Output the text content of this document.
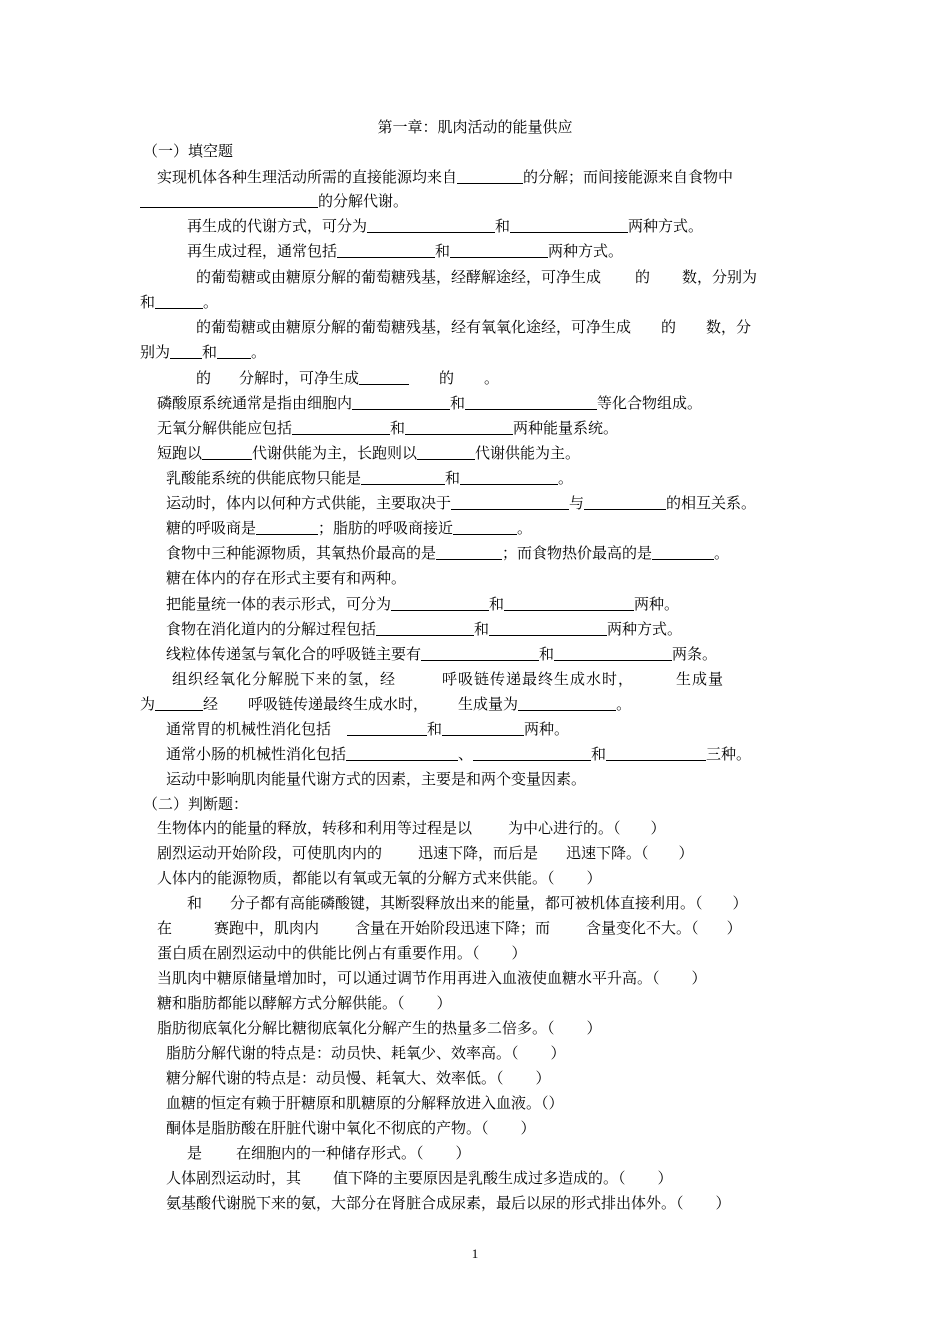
第一章：肌肉活动的能量供应
（一）填空题
实现机体各种生理活动所需的直接能源均来自	的分解；而间接能源来自食物中
的分解代谢。
再生成的代谢方式，可分为	和	两种方式。
再生成过程，通常包括	和	两种方式。
的葡萄糖或由糖原分解的葡萄糖残基，经酵解途经，可净生成 的 数，分别为
和	。
的葡萄糖或由糖原分解的葡萄糖残基，经有氧氧化途经，可净生成 的 数，分
别为 和 。
的 分解时，可净生成	的 。
磷酸原系统通常是指由细胞内	和	等化合物组成。
无氧分解供能应包括	和	两种能量系统。
短跑以	代谢供能为主，长跑则以	代谢供能为主。
乳酸能系统的供能底物只能是	和	。
运动时，体内以何种方式供能，主要取决于	与	的相互关系。
糖的呼吸商是	；脂肪的呼吸商接近	。
食物中三种能源物质，其氧热价最高的是	；而食物热价最高的是	。
糖在体内的存在形式主要有和两种。
把能量统一体的表示形式，可分为	和	两种。
食物在消化道内的分解过程包括	和	两种方式。
线粒体传递氢与氧化合的呼吸链主要有	和	两条。
组织经氧化分解脱下来的氢，经	呼吸链传递最终生成水时，	生成量
为	经 呼吸链传递最终生成水时， 生成量为	。
通常胃的机械性消化包括	和	两种。
通常小肠的机械性消化包括	、	和	三种。
运动中影响肌肉能量代谢方式的因素，主要是和两个变量因素。
（二）判断题：
生物体内的能量的释放，转移和利用等过程是以 为中心进行的。（ ）
剧烈运动开始阶段，可使肌肉内的 迅速下降，而后是 迅速下降。（ ）
人体内的能源物质，都能以有氧或无氧的分解方式来供能。（ ）
和 分子都有高能磷酸键，其断裂释放出来的能量，都可被机体直接利用。（ ）
在	赛跑中，肌肉内 含量在开始阶段迅速下降；而 含量变化不大。（ ）
蛋白质在剧烈运动中的供能比例占有重要作用。（ ）
当肌肉中糖原储量增加时，可以通过调节作用再进入血液使血糖水平升高。（ ）
糖和脂肪都能以酵解方式分解供能。（ ）
脂肪彻底氧化分解比糖彻底氧化分解产生的热量多二倍多。（ ）
脂肪分解代谢的特点是：动员快、耗氧少、效率高。（ ）
糖分解代谢的特点是：动员慢、耗氧大、效率低。（ ）
血糖的恒定有赖于肝糖原和肌糖原的分解释放进入血液。（）
酮体是脂肪酸在肝脏代谢中氧化不彻底的产物。（ ）
是 在细胞内的一种储存形式。（ ）
人体剧烈运动时，其 值下降的主要原因是乳酸生成过多造成的。（ ）
氨基酸代谢脱下来的氨，大部分在肾脏合成尿素，最后以尿的形式排出体外。（ ）
1
